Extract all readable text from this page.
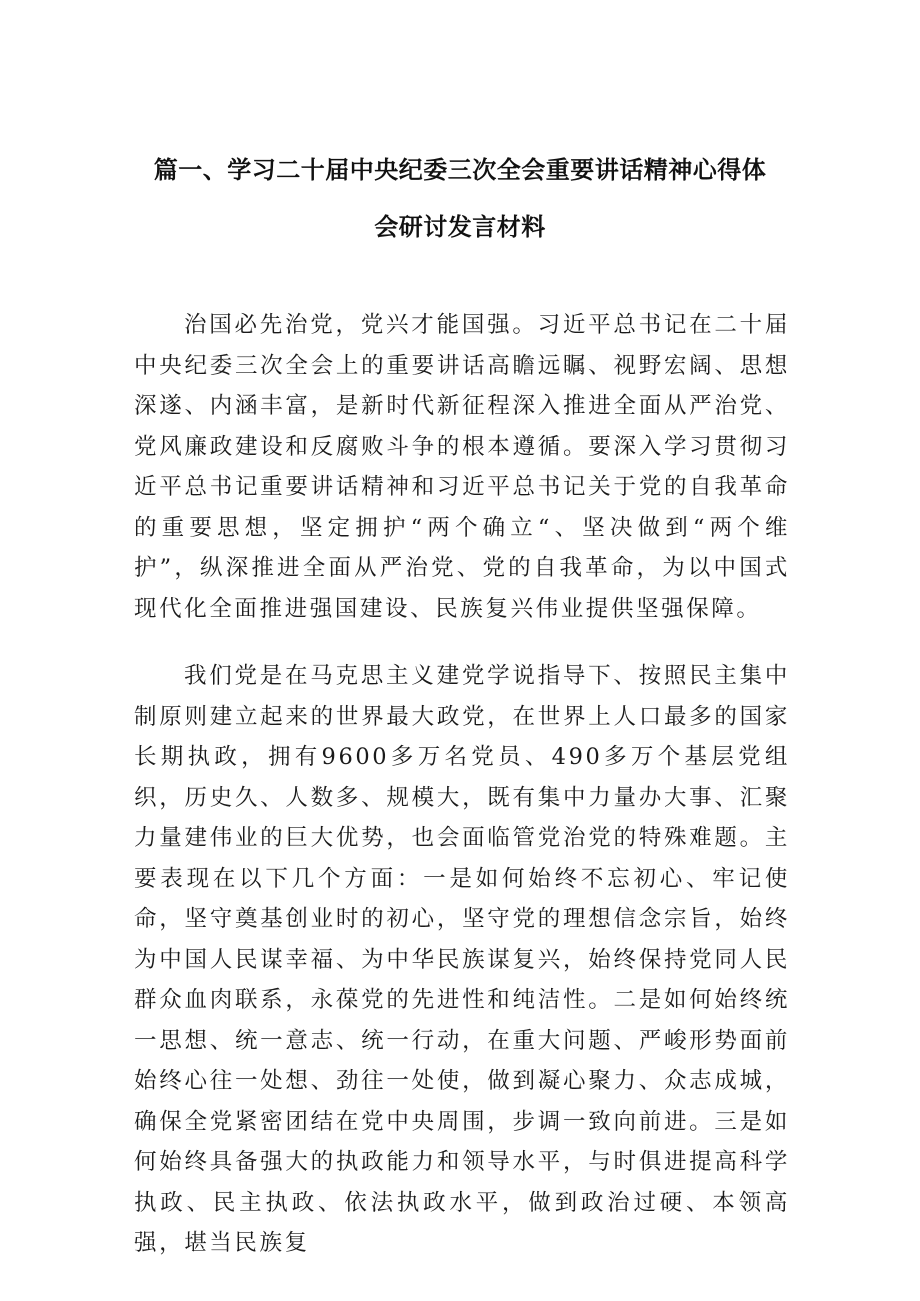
篇一、学习二十届中央纪委三次全会重要讲话精神心得体
会研讨发言材料

治国必先治党，党兴才能国强。习近平总书记在二十届中央纪委三次全会上的重要讲话高瞻远瞩、视野宏阔、思想深遂、内涵丰富，是新时代新征程深入推进全面从严治党、党风廉政建设和反腐败斗争的根本遵循。要深入学习贯彻习近平总书记重要讲话精神和习近平总书记关于党的自我革命的重要思想，坚定拥护“两个确立“、坚决做到“两个维护”，纵深推进全面从严治党、党的自我革命，为以中国式现代化全面推进强国建设、民族复兴伟业提供坚强保障。

我们党是在马克思主义建党学说指导下、按照民主集中制原则建立起来的世界最大政党，在世界上人口最多的国家长期执政，拥有9600多万名党员、490多万个基层党组织，历史久、人数多、规模大，既有集中力量办大事、汇聚力量建伟业的巨大优势，也会面临管党治党的特殊难题。主要表现在以下几个方面：一是如何始终不忘初心、牢记使命，坚守奠基创业时的初心，坚守党的理想信念宗旨，始终为中国人民谋幸福、为中华民族谋复兴，始终保持党同人民群众血肉联系，永葆党的先进性和纯洁性。二是如何始终统一思想、统一意志、统一行动，在重大问题、严峻形势面前始终心往一处想、劲往一处使，做到凝心聚力、众志成城，确保全党紧密团结在党中央周围，步调一致向前进。三是如何始终具备强大的执政能力和领导水平，与时俱进提高科学执政、民主执政、依法执政水平，做到政治过硬、本领高强，堪当民族复
